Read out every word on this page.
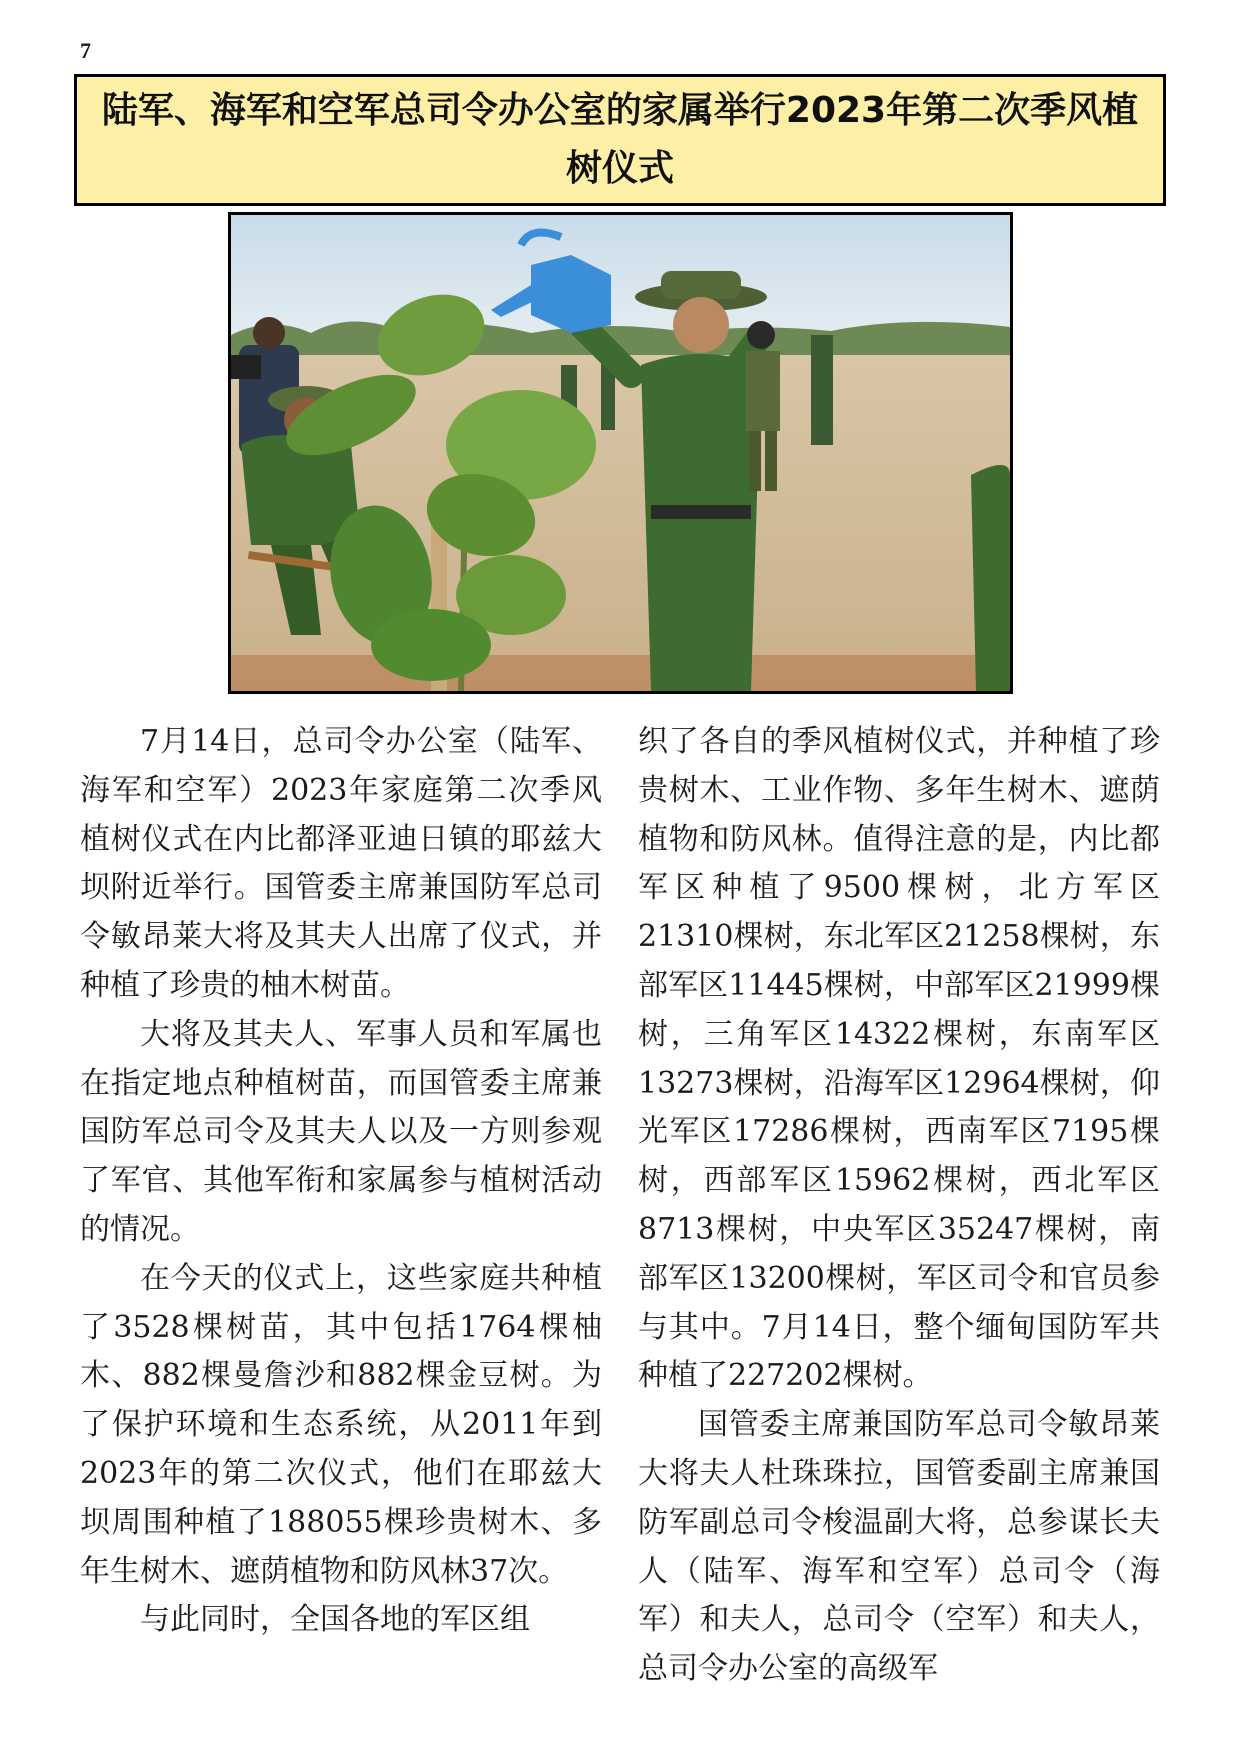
7
陆军、海军和空军总司令办公室的家属举行2023年第二次季风植树仪式

7月14日，总司令办公室（陆军、海军和空军）2023年家庭第二次季风植树仪式在内比都泽亚迪日镇的耶兹大坝附近举行。国管委主席兼国防军总司令敏昂莱大将及其夫人出席了仪式，并种植了珍贵的柚木树苗。

大将及其夫人、军事人员和军属也在指定地点种植树苗，而国管委主席兼国防军总司令及其夫人以及一方则参观了军官、其他军衔和家属参与植树活动的情况。

在今天的仪式上，这些家庭共种植了3528棵树苗，其中包括1764棵柚木、882棵曼詹沙和882棵金豆树。为了保护环境和生态系统，从2011年到2023年的第二次仪式，他们在耶兹大坝周围种植了188055棵珍贵树木、多年生树木、遮荫植物和防风林37次。

与此同时，全国各地的军区组

织了各自的季风植树仪式，并种植了珍贵树木、工业作物、多年生树木、遮荫植物和防风林。值得注意的是，内比都军区种植了9500棵树，北方军区21310棵树，东北军区21258棵树，东部军区11445棵树，中部军区21999棵树，三角军区14322棵树，东南军区13273棵树，沿海军区12964棵树，仰光军区17286棵树，西南军区7195棵树，西部军区15962棵树，西北军区8713棵树，中央军区35247棵树，南部军区13200棵树，军区司令和官员参与其中。7月14日，整个缅甸国防军共种植了227202棵树。

国管委主席兼国防军总司令敏昂莱大将夫人杜珠珠拉，国管委副主席兼国防军副总司令梭温副大将，总参谋长夫人（陆军、海军和空军）总司令（海军）和夫人，总司令（空军）和夫人，总司令办公室的高级军
